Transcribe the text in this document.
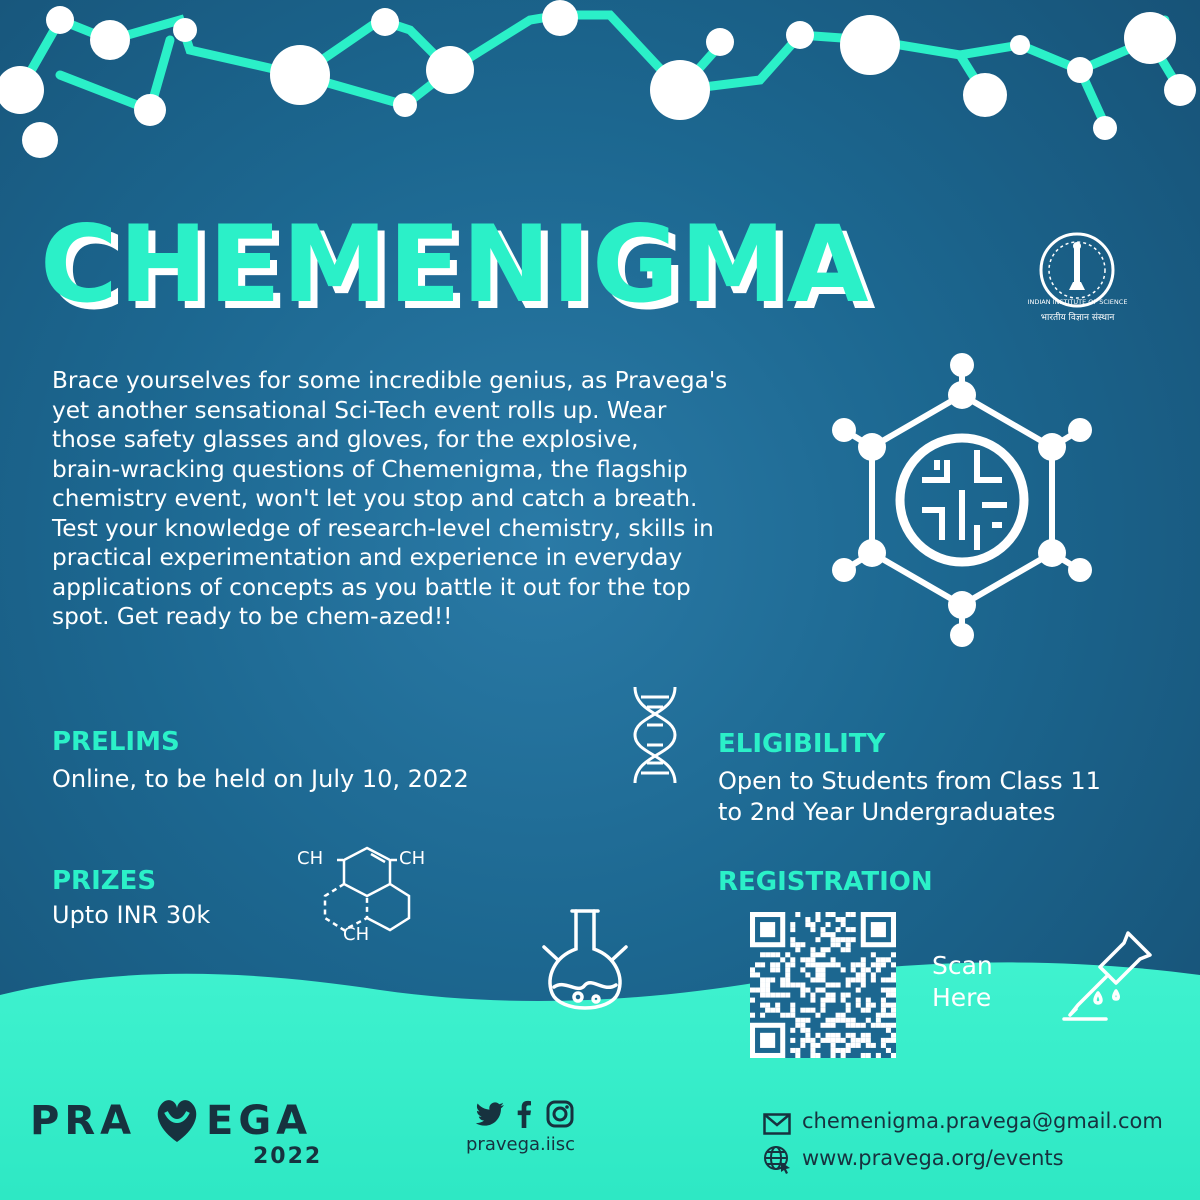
CHEMENIGMA	INDIAN INSTITUTE OF SCIENCE
भारतीय विज्ञान संस्थान

Brace yourselves for some incredible genius, as Pravega's

yet another sensational Sci-Tech event rolls up. Wear

those safety glasses and gloves, for the explosive,

brain-wracking questions of Chemenigma, the flagship

chemistry event, won't let you stop and catch a breath.

Test your knowledge of research-level chemistry, skills in

practical experimentation and experience in everyday

applications of concepts as you battle it out for the top

spot. Get ready to be chem-azed!!

PRELIMS
Online, to be held on July 10, 2022
ELIGIBILITY
Open to Students from Class 11
to 2nd Year Undergraduates
PRIZES
Upto INR 30k
CH	CH
CH
REGISTRATION
Scan
Here
PRA EGA
2022	pravega.iisc
chemenigma.pravega@gmail.com
www.pravega.org/events
